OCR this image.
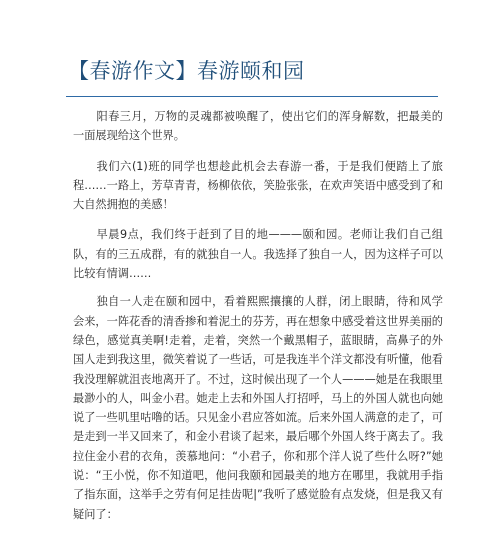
【春游作文】春游颐和园

阳春三月，万物的灵魂都被唤醒了，使出它们的浑身解数，把最美的一面展现给这个世界。

我们六(1)班的同学也想趁此机会去春游一番，于是我们便踏上了旅程……一路上，芳草青青，杨柳依依，笑脸张张，在欢声笑语中感受到了和大自然拥抱的美感！

早晨9点，我们终于赶到了目的地———颐和园。老师让我们自己组队，有的三五成群，有的就独自一人。我选择了独自一人，因为这样子可以比较有情调……

独自一人走在颐和园中，看着熙熙攘攘的人群，闭上眼睛，待和风学会来，一阵花香的清香掺和着泥土的芬芳，再在想象中感受着这世界美丽的绿色，感觉真美啊!走着，走着，突然一个戴黑帽子，蓝眼睛，高鼻子的外国人走到我这里，微笑着说了一些话，可是我连半个洋文都没有听懂，他看我没理解就沮丧地离开了。不过，这时候出现了一个人———她是在我眼里最渺小的人，叫金小君。她走上去和外国人打招呼，马上的外国人就也向她说了一些叽里咕噜的话。只见金小君应答如流。后来外国人满意的走了，可是走到一半又回来了，和金小君谈了起来，最后哪个外国人终于离去了。我拉住金小君的衣角，羡慕地问：“小君子，你和那个洋人说了些什么呀?”她说：“王小悦，你不知道吧，他问我颐和园最美的地方在哪里，我就用手指了指东面，这举手之劳有何足挂齿呢|”我听了感觉脸有点发烧，但是我又有疑问了：
